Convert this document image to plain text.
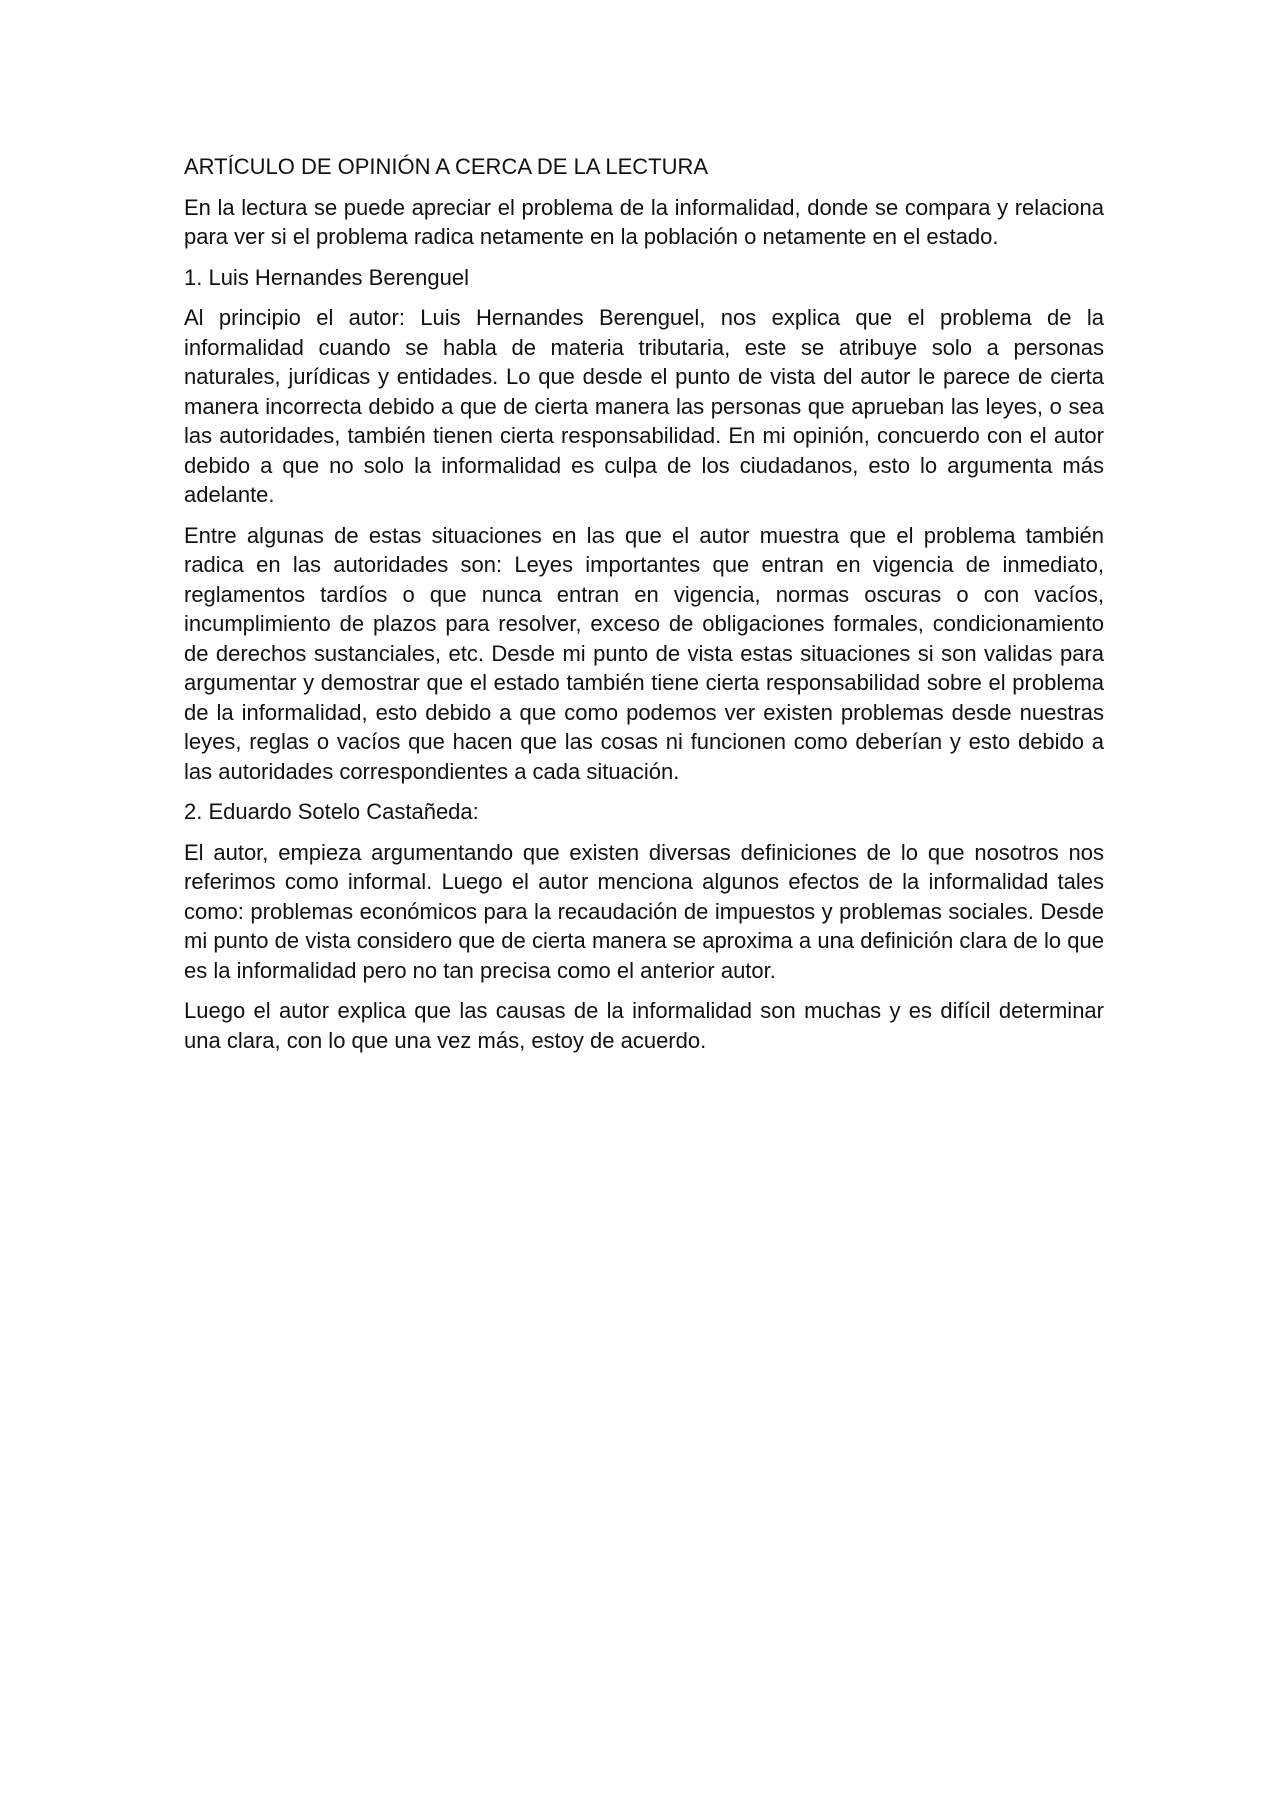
ARTÍCULO DE OPINIÓN A CERCA DE LA LECTURA

En la lectura se puede apreciar el problema de la informalidad, donde se compara y relaciona para ver si el problema radica netamente en la población o netamente en el estado.

1. Luis Hernandes Berenguel

Al principio el autor: Luis Hernandes Berenguel, nos explica que el problema de la informalidad cuando se habla de materia tributaria, este se atribuye solo a personas naturales, jurídicas y entidades. Lo que desde el punto de vista del autor le parece de cierta manera incorrecta debido a que de cierta manera las personas que aprueban las leyes, o sea las autoridades, también tienen cierta responsabilidad. En mi opinión, concuerdo con el autor debido a que no solo la informalidad es culpa de los ciudadanos, esto lo argumenta más adelante.

Entre algunas de estas situaciones en las que el autor muestra que el problema también radica en las autoridades son: Leyes importantes que entran en vigencia de inmediato, reglamentos tardíos o que nunca entran en vigencia, normas oscuras o con vacíos, incumplimiento de plazos para resolver, exceso de obligaciones formales, condicionamiento de derechos sustanciales, etc. Desde mi punto de vista estas situaciones si son validas para argumentar y demostrar que el estado también tiene cierta responsabilidad sobre el problema de la informalidad, esto debido a que como podemos ver existen problemas desde nuestras leyes, reglas o vacíos que hacen que las cosas ni funcionen como deberían y esto debido a las autoridades correspondientes a cada situación.

2. Eduardo Sotelo Castañeda:

El autor, empieza argumentando que existen diversas definiciones de lo que nosotros nos referimos como informal. Luego el autor menciona algunos efectos de la informalidad tales como: problemas económicos para la recaudación de impuestos y problemas sociales. Desde mi punto de vista considero que de cierta manera se aproxima a una definición clara de lo que es la informalidad pero no tan precisa como el anterior autor.

Luego el autor explica que las causas de la informalidad son muchas y es difícil determinar una clara, con lo que una vez más, estoy de acuerdo.
